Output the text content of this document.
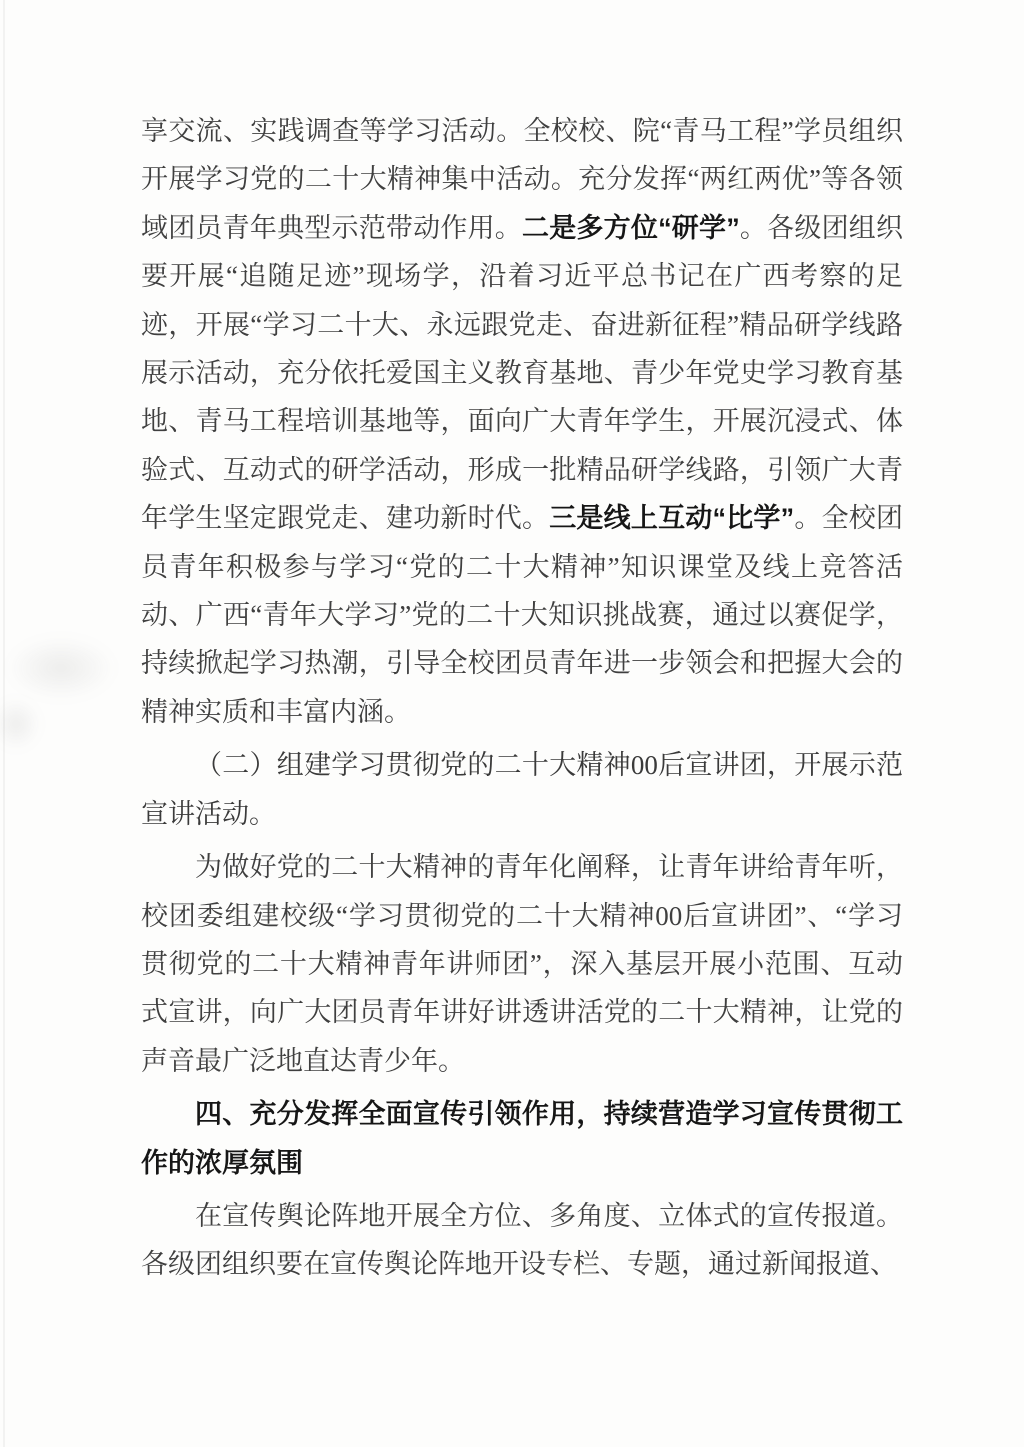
享交流、实践调查等学习活动。全校校、院“青马工程”学员组织开展学习党的二十大精神集中活动。充分发挥“两红两优”等各领域团员青年典型示范带动作用。二是多方位“研学”。各级团组织要开展“追随足迹”现场学，沿着习近平总书记在广西考察的足迹，开展“学习二十大、永远跟党走、奋进新征程”精品研学线路展示活动，充分依托爱国主义教育基地、青少年党史学习教育基地、青马工程培训基地等，面向广大青年学生，开展沉浸式、体验式、互动式的研学活动，形成一批精品研学线路，引领广大青年学生坚定跟党走、建功新时代。三是线上互动“比学”。全校团员青年积极参与学习“党的二十大精神”知识课堂及线上竞答活动、广西“青年大学习”党的二十大知识挑战赛，通过以赛促学，持续掀起学习热潮，引导全校团员青年进一步领会和把握大会的精神实质和丰富内涵。

（二）组建学习贯彻党的二十大精神00后宣讲团，开展示范宣讲活动。

为做好党的二十大精神的青年化阐释，让青年讲给青年听，校团委组建校级“学习贯彻党的二十大精神00后宣讲团”、“学习贯彻党的二十大精神青年讲师团”，深入基层开展小范围、互动式宣讲，向广大团员青年讲好讲透讲活党的二十大精神，让党的声音最广泛地直达青少年。

四、充分发挥全面宣传引领作用，持续营造学习宣传贯彻工作的浓厚氛围

在宣传舆论阵地开展全方位、多角度、立体式的宣传报道。各级团组织要在宣传舆论阵地开设专栏、专题，通过新闻报道、
